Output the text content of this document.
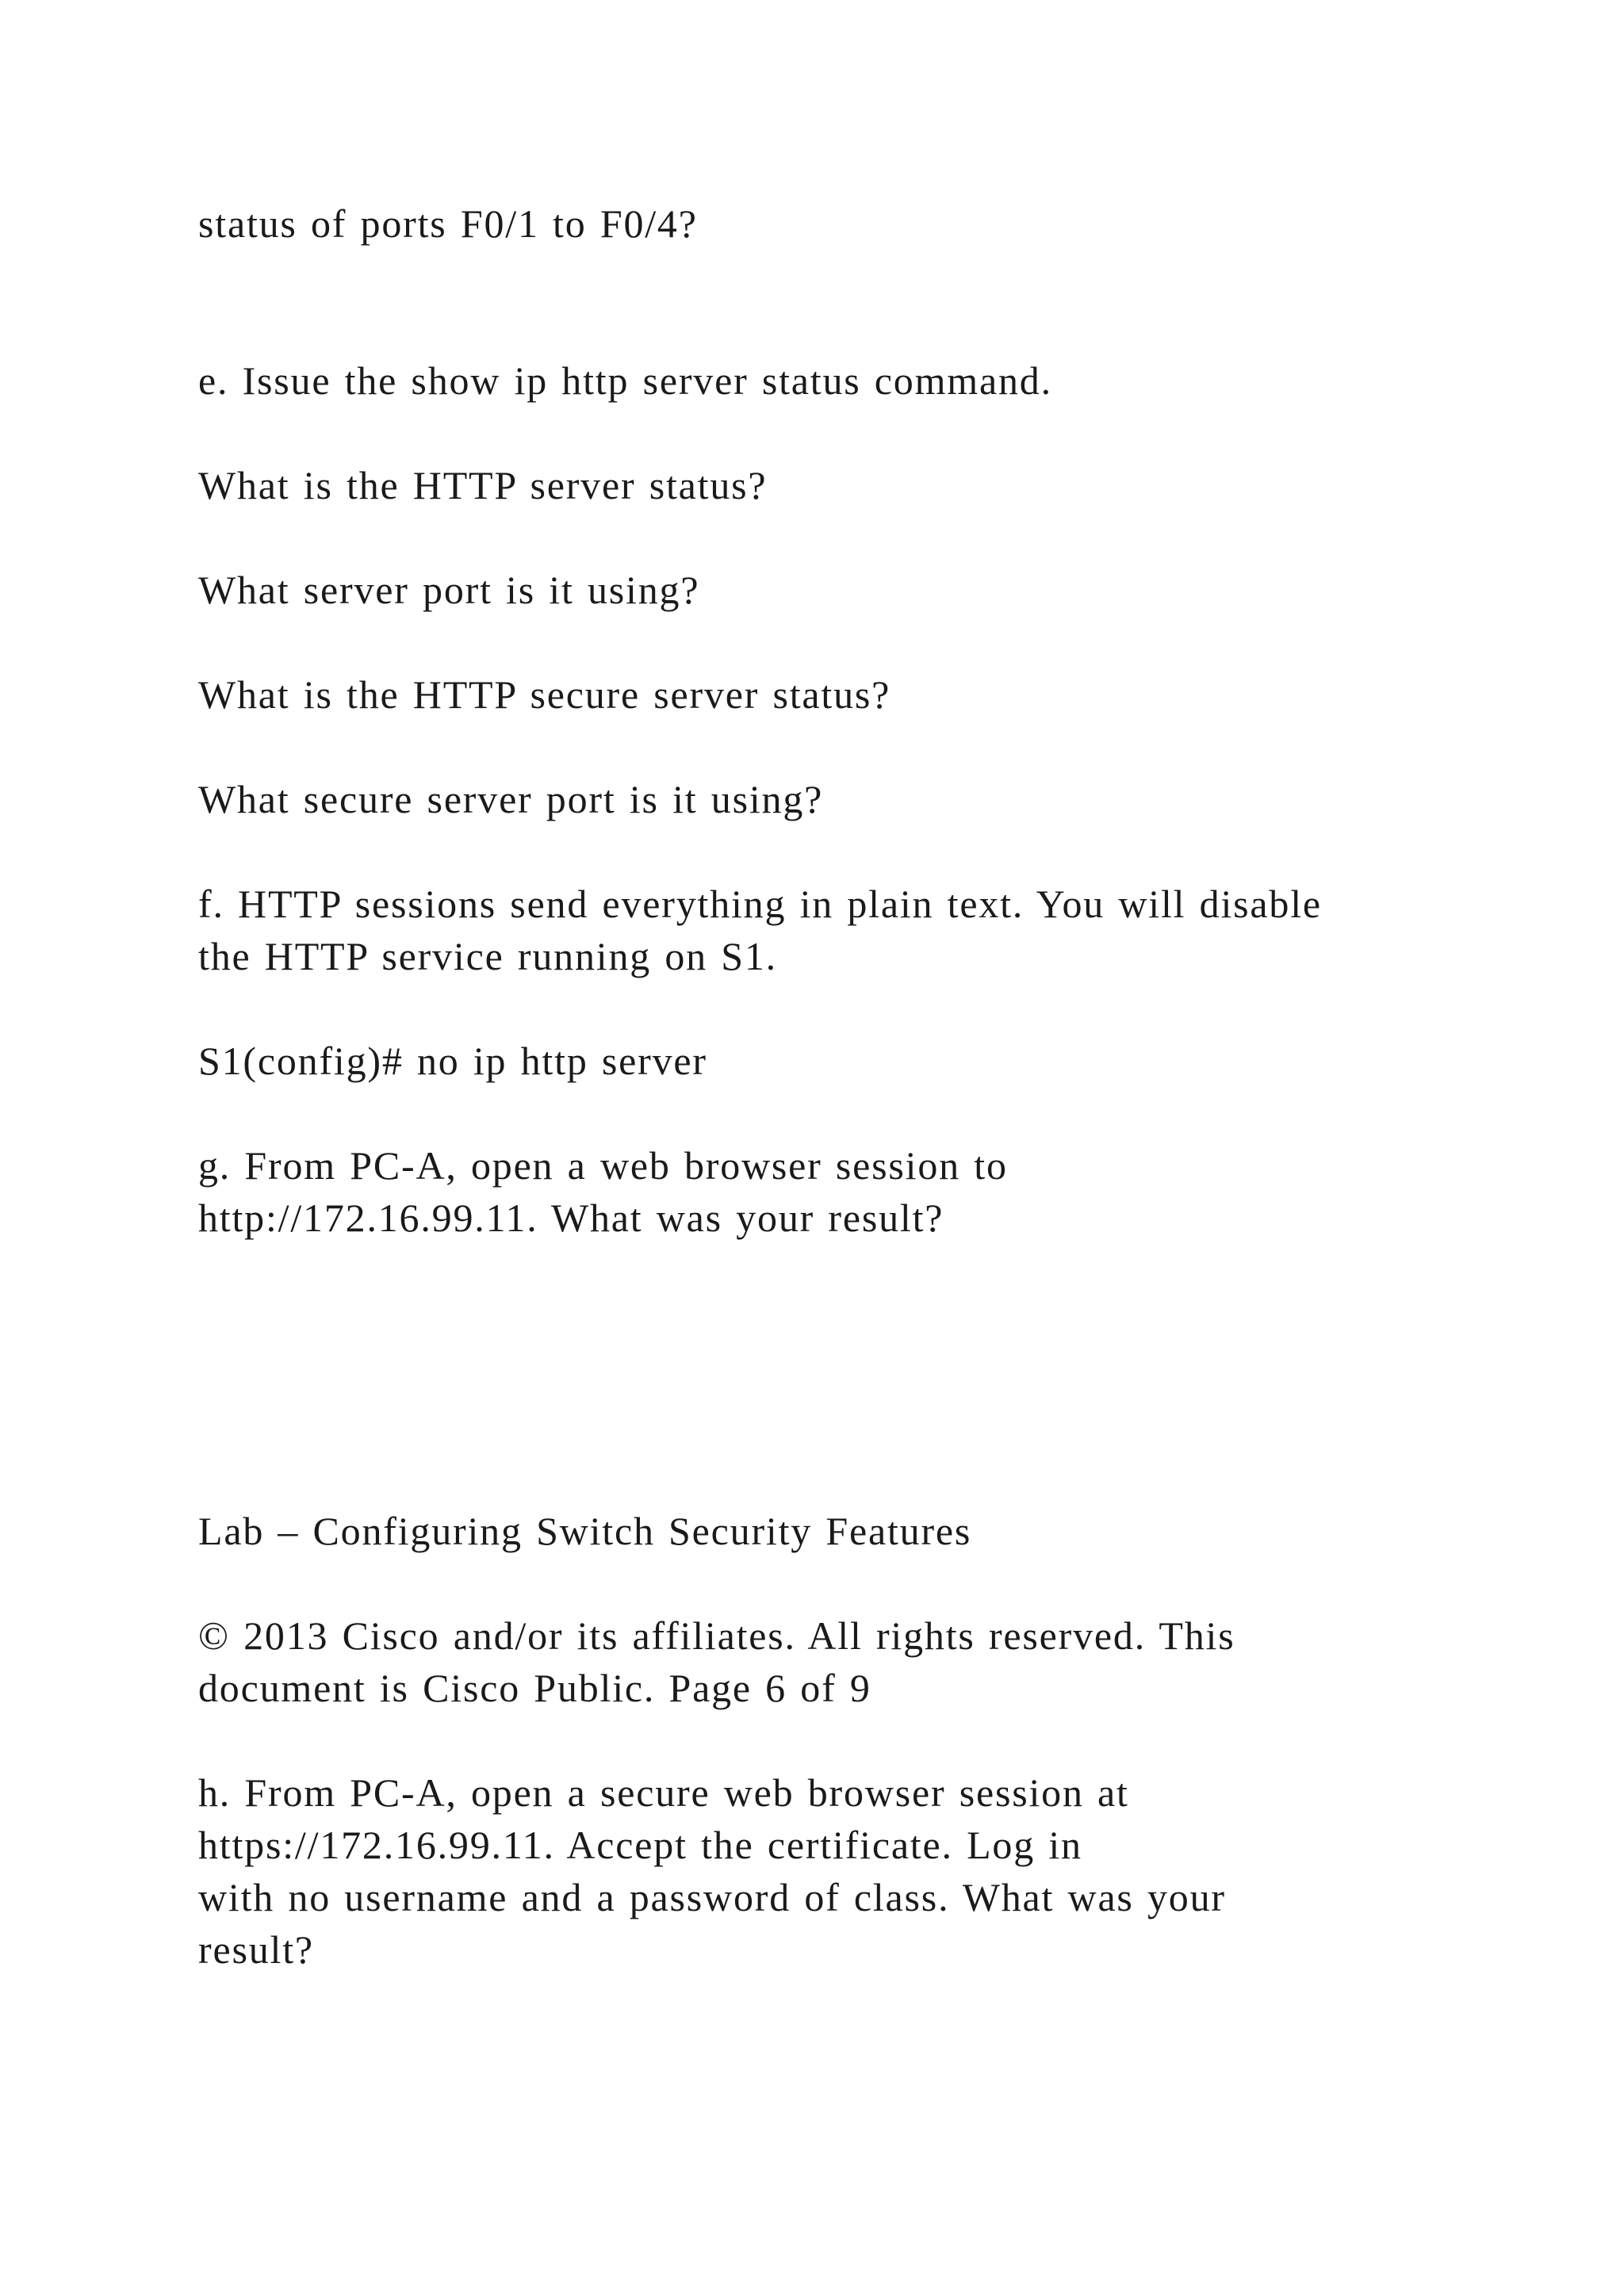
status of ports F0/1 to F0/4?
e. Issue the show ip http server status command.
What is the HTTP server status?
What server port is it using?
What is the HTTP secure server status?
What secure server port is it using?
f. HTTP sessions send everything in plain text. You will disable
the HTTP service running on S1.
S1(config)# no ip http server
g. From PC-A, open a web browser session to
http://172.16.99.11. What was your result?
Lab – Configuring Switch Security Features
© 2013 Cisco and/or its affiliates. All rights reserved. This
document is Cisco Public. Page 6 of 9
h. From PC-A, open a secure web browser session at
https://172.16.99.11. Accept the certificate. Log in
with no username and a password of class. What was your
result?
